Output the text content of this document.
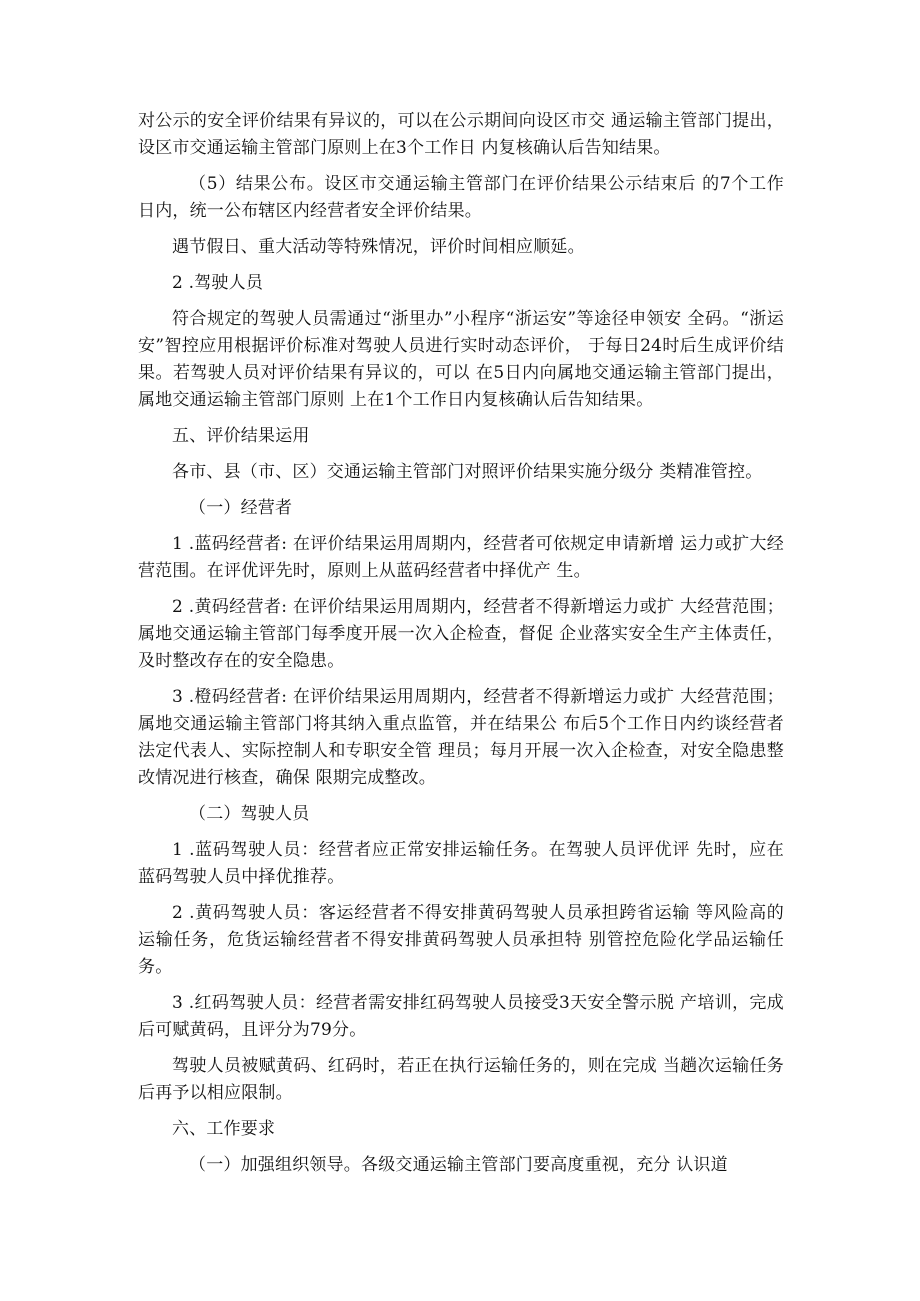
对公示的安全评价结果有异议的，可以在公示期间向设区市交 通运输主管部门提出，设区市交通运输主管部门原则上在3个工作日 内复核确认后告知结果。

（5）结果公布。设区市交通运输主管部门在评价结果公示结束后 的7个工作日内，统一公布辖区内经营者安全评价结果。

遇节假日、重大活动等特殊情况，评价时间相应顺延。

2 .驾驶人员

符合规定的驾驶人员需通过“浙里办”小程序“浙运安”等途径申领安 全码。“浙运安”智控应用根据评价标准对驾驶人员进行实时动态评价， 于每日24时后生成评价结果。若驾驶人员对评价结果有异议的，可以 在5日内向属地交通运输主管部门提出，属地交通运输主管部门原则 上在1个工作日内复核确认后告知结果。

五、评价结果运用

各市、县（市、区）交通运输主管部门对照评价结果实施分级分 类精准管控。

（一）经营者

1 .蓝码经营者: 在评价结果运用周期内，经营者可依规定申请新增 运力或扩大经营范围。在评优评先时，原则上从蓝码经营者中择优产 生。

2 .黄码经营者: 在评价结果运用周期内，经营者不得新增运力或扩 大经营范围；属地交通运输主管部门每季度开展一次入企检查，督促 企业落实安全生产主体责任，及时整改存在的安全隐患。

3 .橙码经营者: 在评价结果运用周期内，经营者不得新增运力或扩 大经营范围；属地交通运输主管部门将其纳入重点监管，并在结果公 布后5个工作日内约谈经营者法定代表人、实际控制人和专职安全管 理员；每月开展一次入企检查，对安全隐患整改情况进行核查，确保 限期完成整改。

（二）驾驶人员

1 .蓝码驾驶人员：经营者应正常安排运输任务。在驾驶人员评优评 先时，应在蓝码驾驶人员中择优推荐。

2 .黄码驾驶人员：客运经营者不得安排黄码驾驶人员承担跨省运输 等风险高的运输任务，危货运输经营者不得安排黄码驾驶人员承担特 别管控危险化学品运输任务。

3 .红码驾驶人员：经营者需安排红码驾驶人员接受3天安全警示脱 产培训，完成后可赋黄码，且评分为79分。

驾驶人员被赋黄码、红码时，若正在执行运输任务的，则在完成 当趟次运输任务后再予以相应限制。

六、工作要求

（一）加强组织领导。各级交通运输主管部门要高度重视，充分 认识道
